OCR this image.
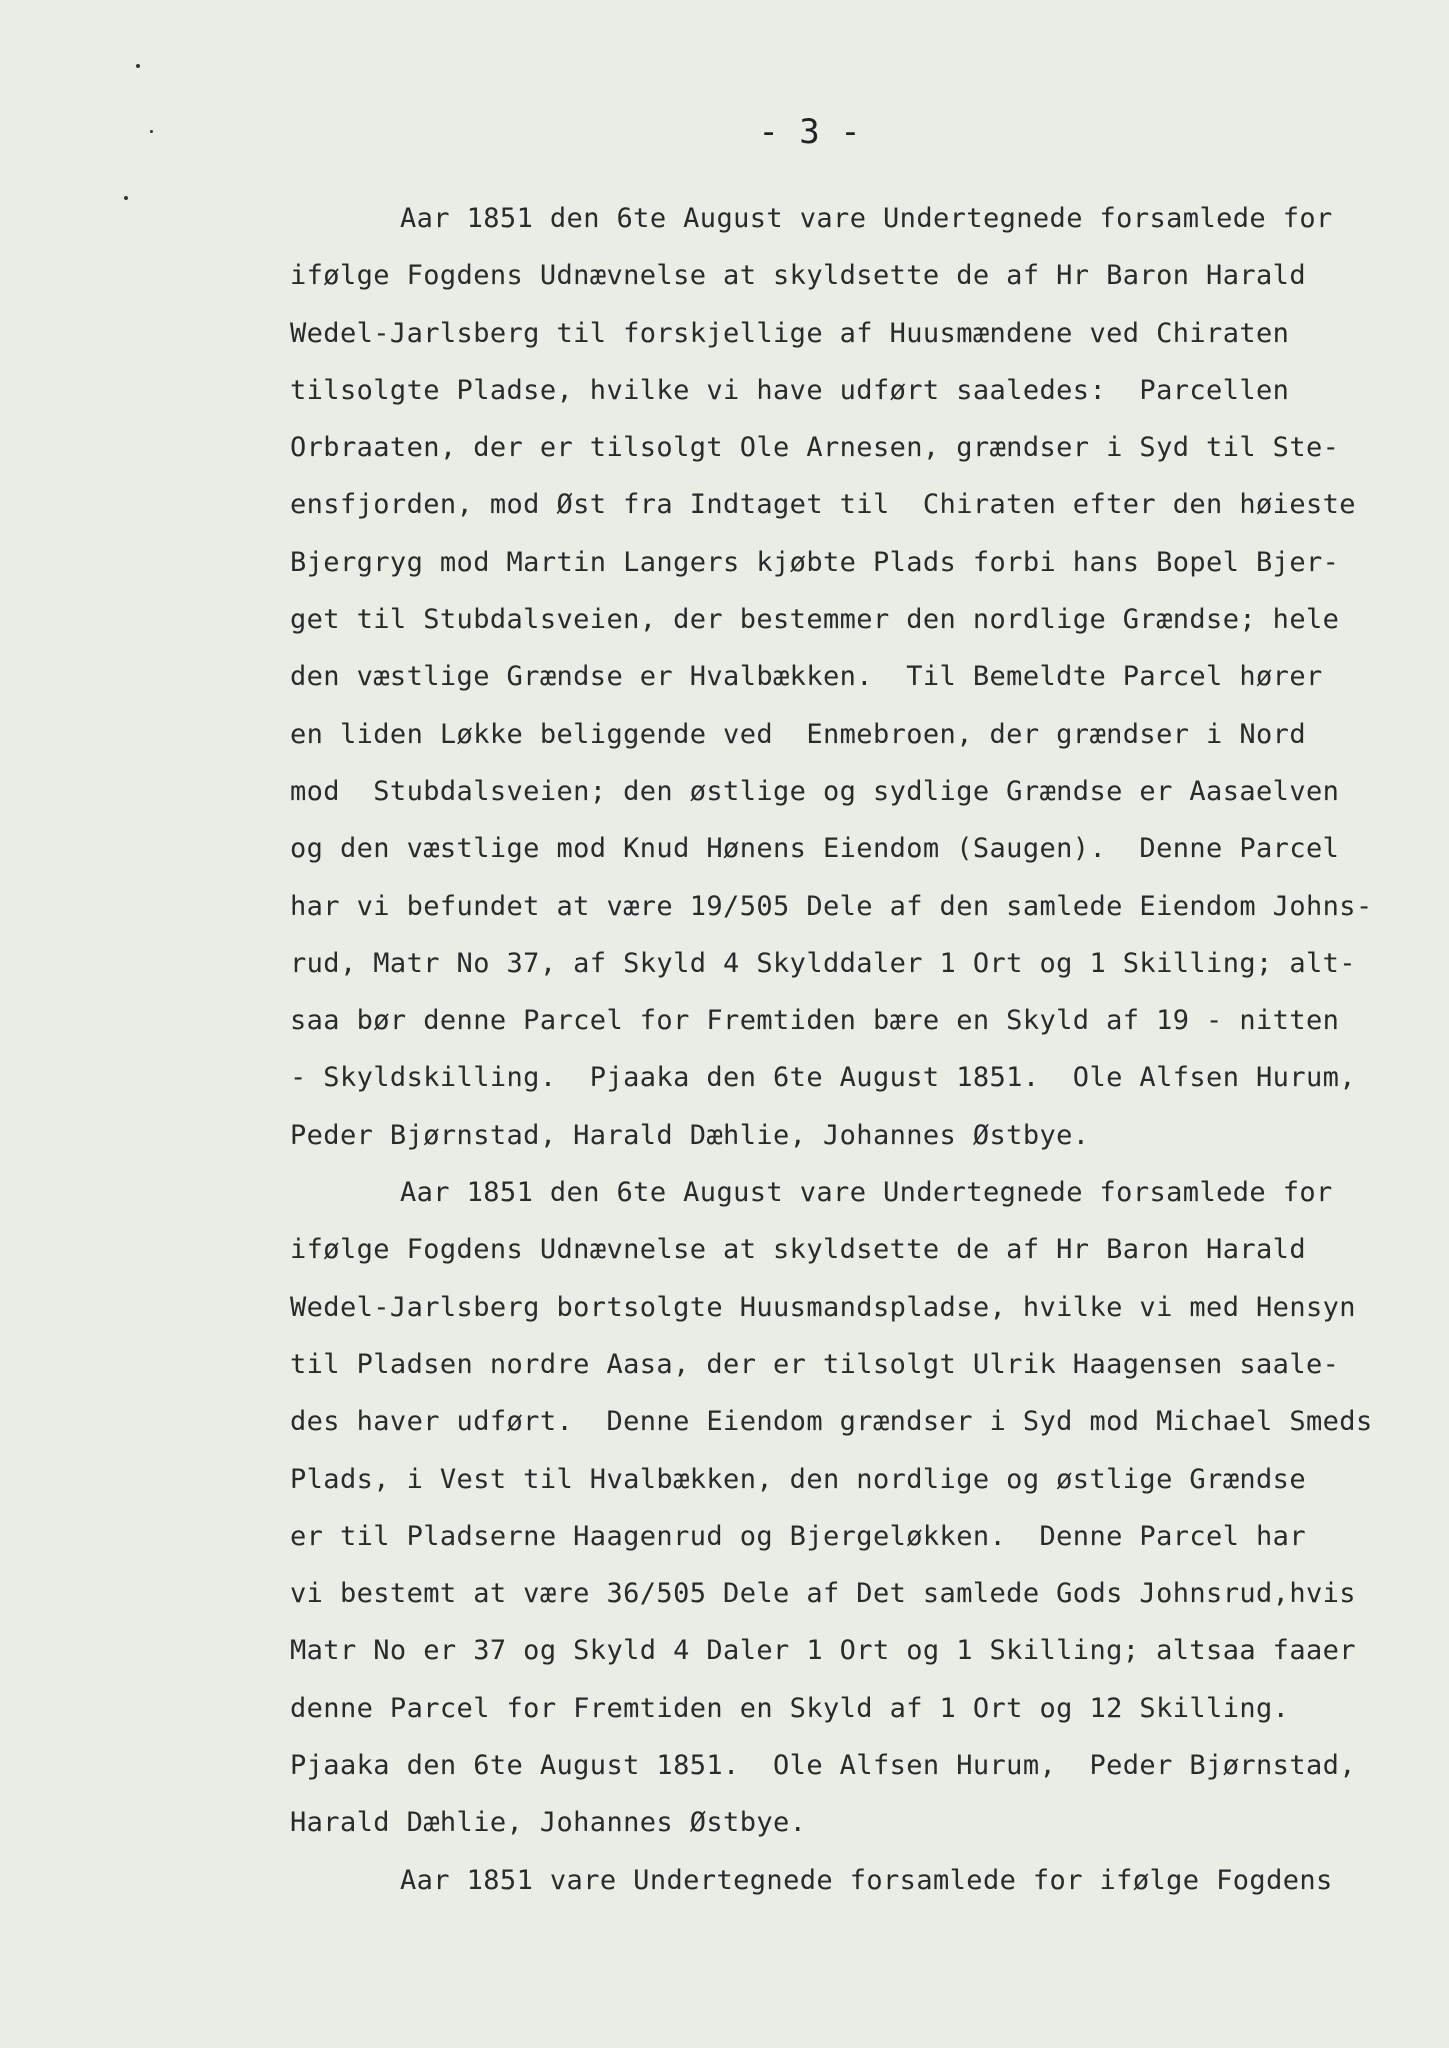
- 3 -
Aar 1851 den 6te August vare Undertegnede forsamlede for
ifølge Fogdens Udnævnelse at skyldsette de af Hr Baron Harald
Wedel-Jarlsberg til forskjellige af Huusmændene ved Chiraten
tilsolgte Pladse, hvilke vi have udført saaledes:  Parcellen
Orbraaten, der er tilsolgt Ole Arnesen, grændser i Syd til Ste-
ensfjorden, mod Øst fra Indtaget til  Chiraten efter den høieste
Bjergryg mod Martin Langers kjøbte Plads forbi hans Bopel Bjer-
get til Stubdalsveien, der bestemmer den nordlige Grændse; hele
den væstlige Grændse er Hvalbækken.  Til Bemeldte Parcel hører
en liden Løkke beliggende ved  Enmebroen, der grændser i Nord
mod  Stubdalsveien; den østlige og sydlige Grændse er Aasaelven
og den væstlige mod Knud Hønens Eiendom (Saugen).  Denne Parcel
har vi befundet at være 19/505 Dele af den samlede Eiendom Johns-
rud, Matr No 37, af Skyld 4 Skylddaler 1 Ort og 1 Skilling; alt-
saa bør denne Parcel for Fremtiden bære en Skyld af 19 - nitten
- Skyldskilling.  Pjaaka den 6te August 1851.  Ole Alfsen Hurum,
Peder Bjørnstad, Harald Dæhlie, Johannes Østbye.
Aar 1851 den 6te August vare Undertegnede forsamlede for
ifølge Fogdens Udnævnelse at skyldsette de af Hr Baron Harald
Wedel-Jarlsberg bortsolgte Huusmandspladse, hvilke vi med Hensyn
til Pladsen nordre Aasa, der er tilsolgt Ulrik Haagensen saale-
des haver udført.  Denne Eiendom grændser i Syd mod Michael Smeds
Plads, i Vest til Hvalbækken, den nordlige og østlige Grændse
er til Pladserne Haagenrud og Bjergeløkken.  Denne Parcel har
vi bestemt at være 36/505 Dele af Det samlede Gods Johnsrud,hvis
Matr No er 37 og Skyld 4 Daler 1 Ort og 1 Skilling; altsaa faaer
denne Parcel for Fremtiden en Skyld af 1 Ort og 12 Skilling.
Pjaaka den 6te August 1851.  Ole Alfsen Hurum,  Peder Bjørnstad,
Harald Dæhlie, Johannes Østbye.
Aar 1851 vare Undertegnede forsamlede for ifølge Fogdens
